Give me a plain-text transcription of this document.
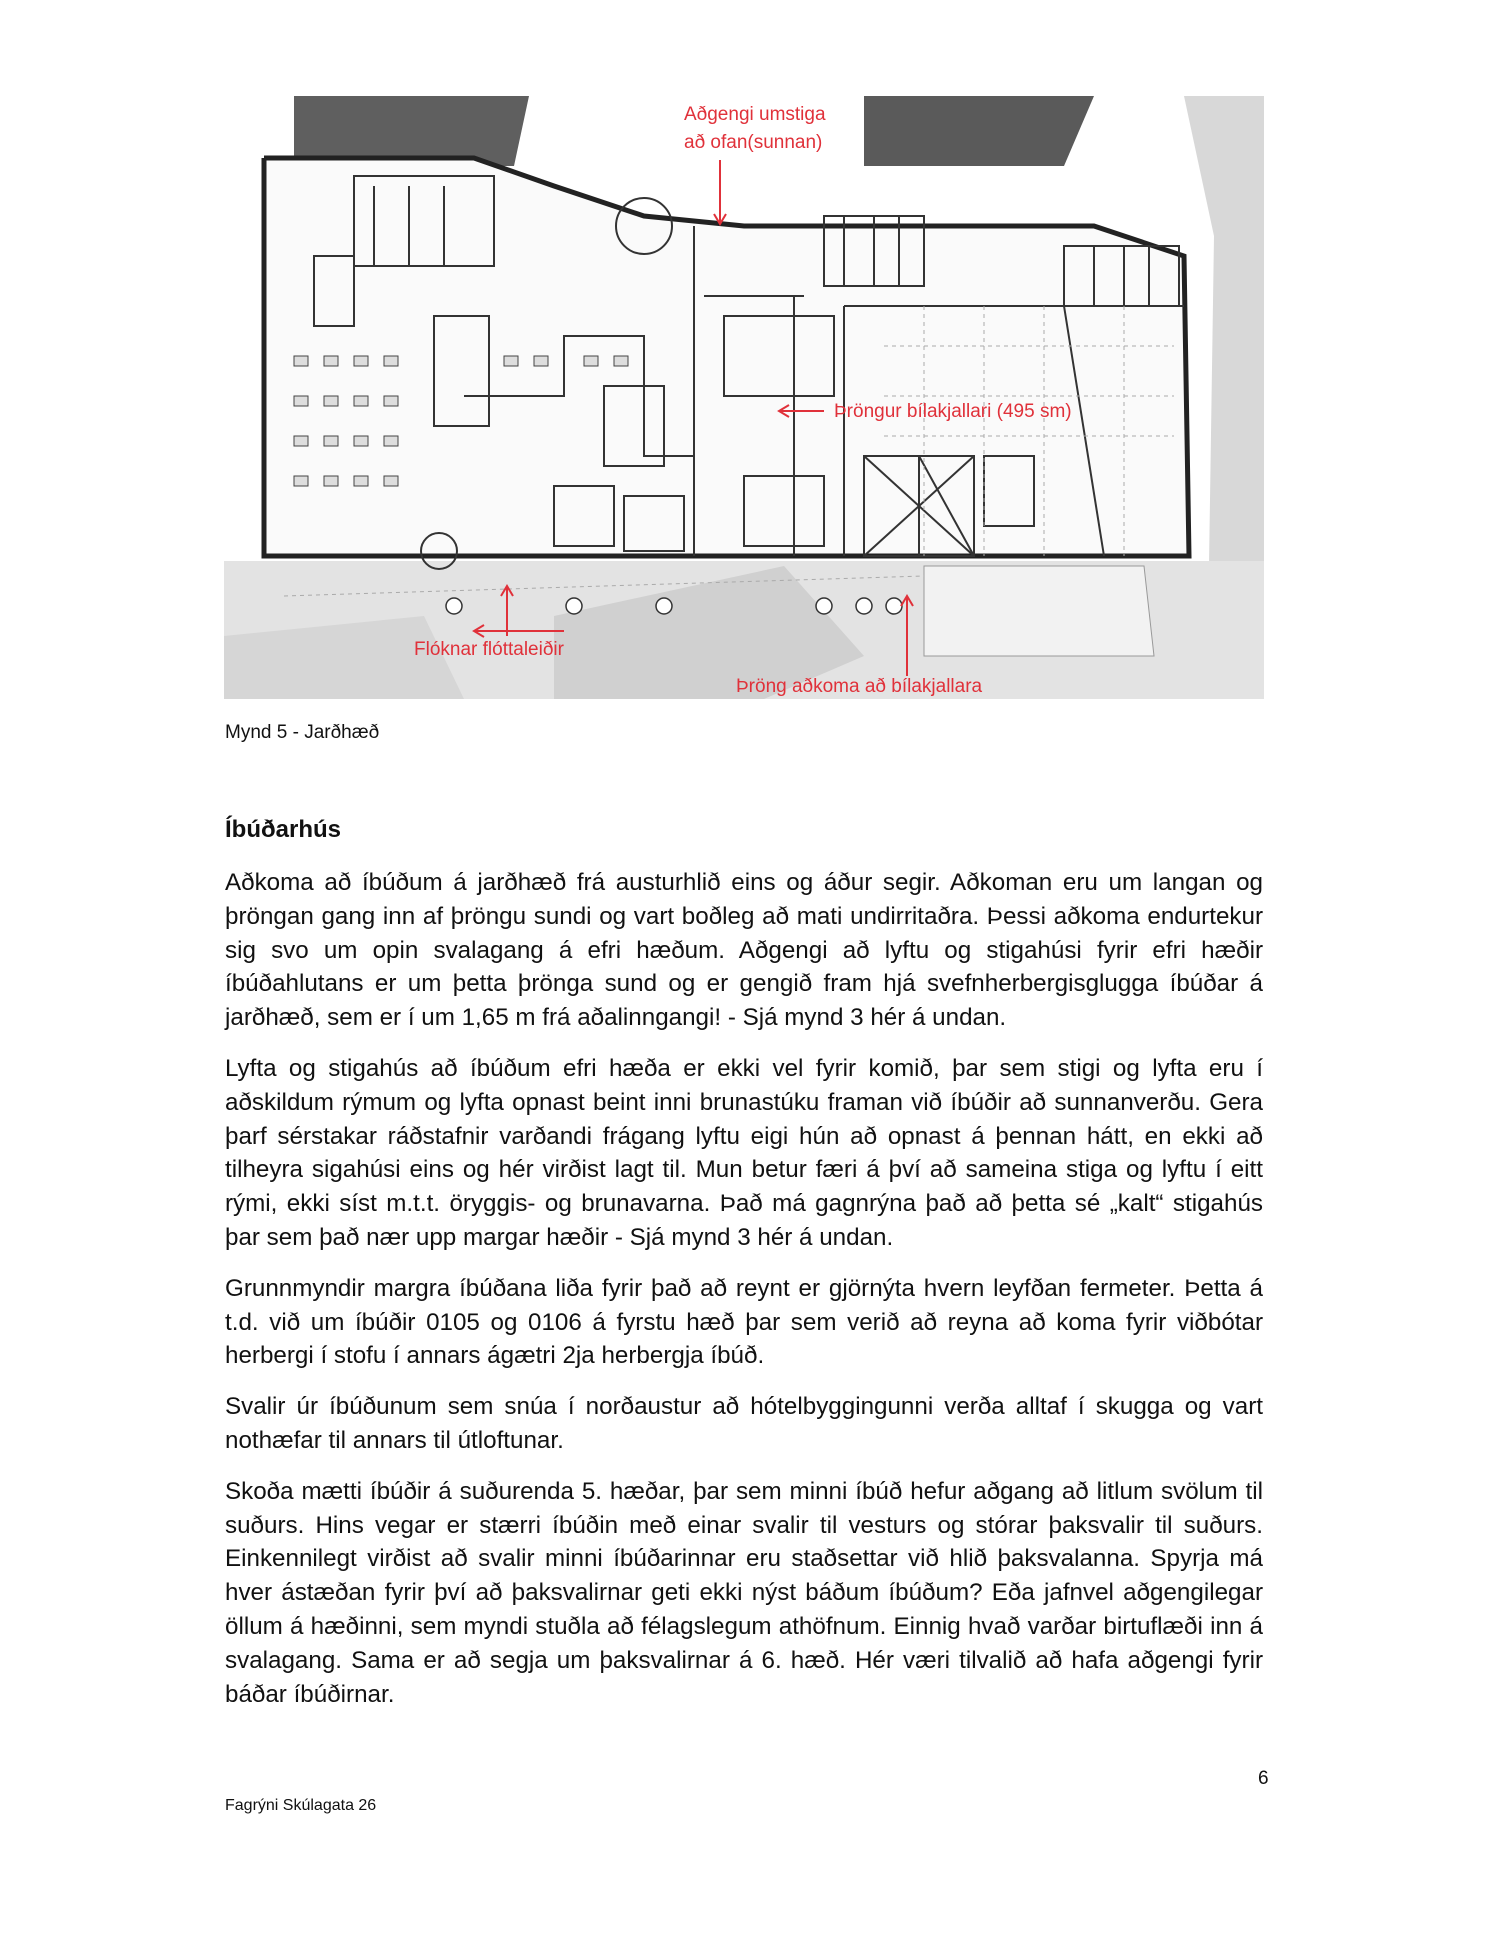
Aðgengi umstiga
að ofan(sunnan)
Þröngur bílakjallari (495 sm)
Flóknar flóttaleiðir
Þröng aðkoma að bílakjallara
Mynd 5 - Jarðhæð
Íbúðarhús

Aðkoma að íbúðum á jarðhæð frá austurhlið eins og áður segir. Aðkoman eru um langan og þröngan gang inn af þröngu sundi og vart boðleg að mati undirritaðra. Þessi aðkoma endurtekur sig svo um opin svalagang á efri hæðum. Aðgengi að lyftu og stigahúsi fyrir efri hæðir íbúðahlutans er um þetta þrönga sund og er gengið fram hjá svefnherbergisglugga íbúðar á jarðhæð, sem er í um 1,65 m frá aðalinngangi! - Sjá mynd 3 hér á undan.

Lyfta og stigahús að íbúðum efri hæða er ekki vel fyrir komið, þar sem stigi og lyfta eru í aðskildum rýmum og lyfta opnast beint inni brunastúku framan við íbúðir að sunnanverðu. Gera þarf sérstakar ráðstafnir varðandi frágang lyftu eigi hún að opnast á þennan hátt, en ekki að tilheyra sigahúsi eins og hér virðist lagt til. Mun betur færi á því að sameina stiga og lyftu í eitt rými, ekki síst m.t.t. öryggis- og brunavarna. Það má gagnrýna það að þetta sé „kalt“ stigahús þar sem það nær upp margar hæðir - Sjá mynd 3 hér á undan.

Grunnmyndir margra íbúðana liða fyrir það að reynt er gjörnýta hvern leyfðan fermeter. Þetta á t.d. við um íbúðir 0105 og 0106 á fyrstu hæð þar sem verið að reyna að koma fyrir viðbótar herbergi í stofu í annars ágætri 2ja herbergja íbúð.

Svalir úr íbúðunum sem snúa í norðaustur að hótelbyggingunni verða alltaf í skugga og vart nothæfar til annars til útloftunar.

Skoða mætti íbúðir á suðurenda 5. hæðar, þar sem minni íbúð hefur aðgang að litlum svölum til suðurs. Hins vegar er stærri íbúðin með einar svalir til vesturs og stórar þaksvalir til suðurs. Einkennilegt virðist að svalir minni íbúðarinnar eru staðsettar við hlið þaksvalanna. Spyrja má hver ástæðan fyrir því að þaksvalirnar geti ekki nýst báðum íbúðum? Eða jafnvel aðgengilegar öllum á hæðinni, sem myndi stuðla að félagslegum athöfnum. Einnig hvað varðar birtuflæði inn á svalagang. Sama er að segja um þaksvalirnar á 6. hæð. Hér væri tilvalið að hafa aðgengi fyrir báðar íbúðirnar.

6
Fagrýni Skúlagata 26
